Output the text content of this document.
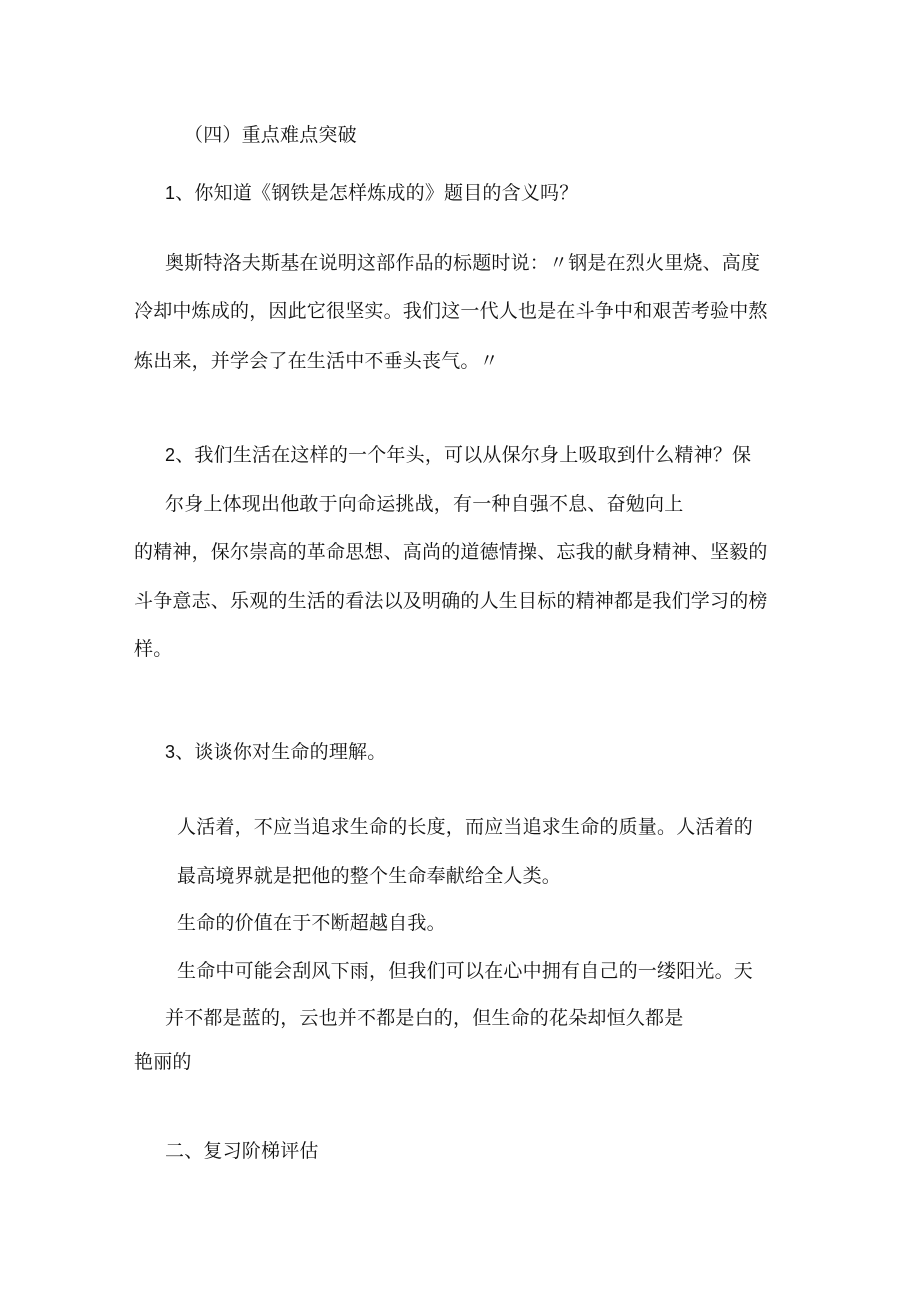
（四）重点难点突破
1、你知道《钢铁是怎样炼成的》题目的含义吗？
奥斯特洛夫斯基在说明这部作品的标题时说：〃钢是在烈火里烧、高度
冷却中炼成的，因此它很坚实。我们这一代人也是在斗争中和艰苦考验中熬
炼出来，并学会了在生活中不垂头丧气。〃
2、我们生活在这样的一个年头，可以从保尔身上吸取到什么精神？保
尔身上体现出他敢于向命运挑战，有一种自强不息、奋勉向上
的精神，保尔崇高的革命思想、高尚的道德情操、忘我的献身精神、坚毅的
斗争意志、乐观的生活的看法以及明确的人生目标的精神都是我们学习的榜
样。
3、谈谈你对生命的理解。
人活着，不应当追求生命的长度，而应当追求生命的质量。人活着的
最高境界就是把他的整个生命奉献给全人类。
生命的价值在于不断超越自我。
生命中可能会刮风下雨，但我们可以在心中拥有自己的一缕阳光。天
并不都是蓝的，云也并不都是白的，但生命的花朵却恒久都是
艳丽的
二、复习阶梯评估
